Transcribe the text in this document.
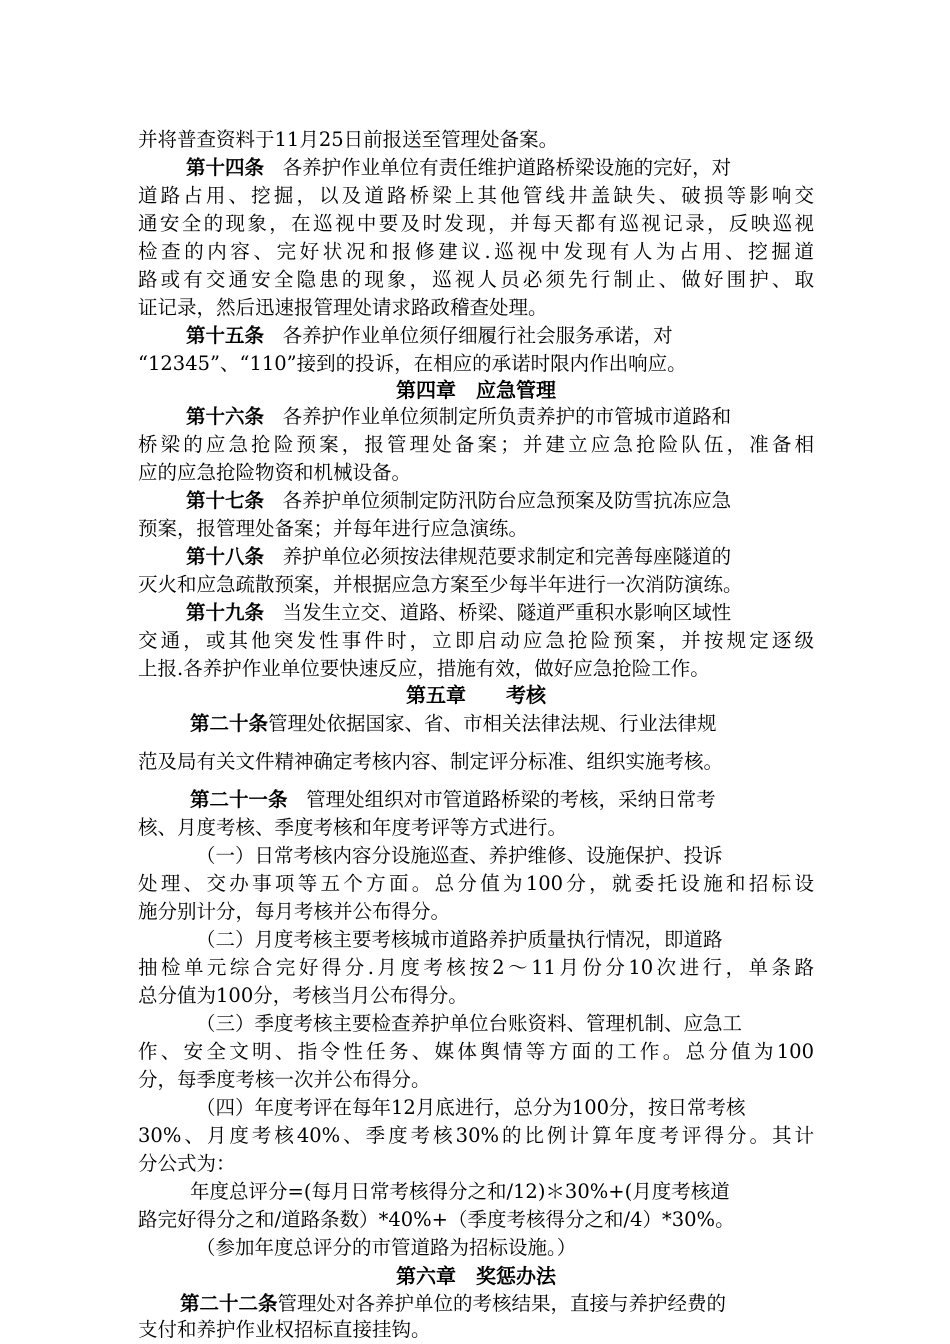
并将普查资料于11月25日前报送至管理处备案。
第十四条 各养护作业单位有责任维护道路桥梁设施的完好，对
道路占用、挖掘，以及道路桥梁上其他管线井盖缺失、破损等影响交
通安全的现象，在巡视中要及时发现，并每天都有巡视记录，反映巡视
检查的内容、完好状况和报修建议.巡视中发现有人为占用、挖掘道
路或有交通安全隐患的现象，巡视人员必须先行制止、做好围护、取
证记录，然后迅速报管理处请求路政稽查处理。
第十五条 各养护作业单位须仔细履行社会服务承诺，对
“12345”、“110”接到的投诉，在相应的承诺时限内作出响应。
第四章　应急管理
第十六条 各养护作业单位须制定所负责养护的市管城市道路和
桥梁的应急抢险预案，报管理处备案；并建立应急抢险队伍，准备相
应的应急抢险物资和机械设备。
第十七条 各养护单位须制定防汛防台应急预案及防雪抗冻应急
预案，报管理处备案；并每年进行应急演练。
第十八条 养护单位必须按法律规范要求制定和完善每座隧道的
灭火和应急疏散预案，并根据应急方案至少每半年进行一次消防演练。
第十九条 当发生立交、道路、桥梁、隧道严重积水影响区域性
交通，或其他突发性事件时，立即启动应急抢险预案，并按规定逐级
上报.各养护作业单位要快速反应，措施有效，做好应急抢险工作。
第五章　　考核
第二十条管理处依据国家、省、市相关法律法规、行业法律规
范及局有关文件精神确定考核内容、制定评分标准、组织实施考核。
第二十一条 管理处组织对市管道路桥梁的考核，采纳日常考
核、月度考核、季度考核和年度考评等方式进行。
（一）日常考核内容分设施巡查、养护维修、设施保护、投诉
处理、交办事项等五个方面。总分值为100分，就委托设施和招标设
施分别计分，每月考核并公布得分。
（二）月度考核主要考核城市道路养护质量执行情况，即道路
抽检单元综合完好得分.月度考核按2～11月份分10次进行，单条路
总分值为100分，考核当月公布得分。
（三）季度考核主要检查养护单位台账资料、管理机制、应急工
作、安全文明、指令性任务、媒体舆情等方面的工作。总分值为100
分，每季度考核一次并公布得分。
（四）年度考评在每年12月底进行，总分为100分，按日常考核
30%、月度考核40%、季度考核30%的比例计算年度考评得分。其计
分公式为：
年度总评分=(每月日常考核得分之和/12)＊30%+(月度考核道
路完好得分之和/道路条数）*40%+（季度考核得分之和/4）*30%。
（参加年度总评分的市管道路为招标设施。）
第六章　奖惩办法
第二十二条管理处对各养护单位的考核结果，直接与养护经费的
支付和养护作业权招标直接挂钩。
